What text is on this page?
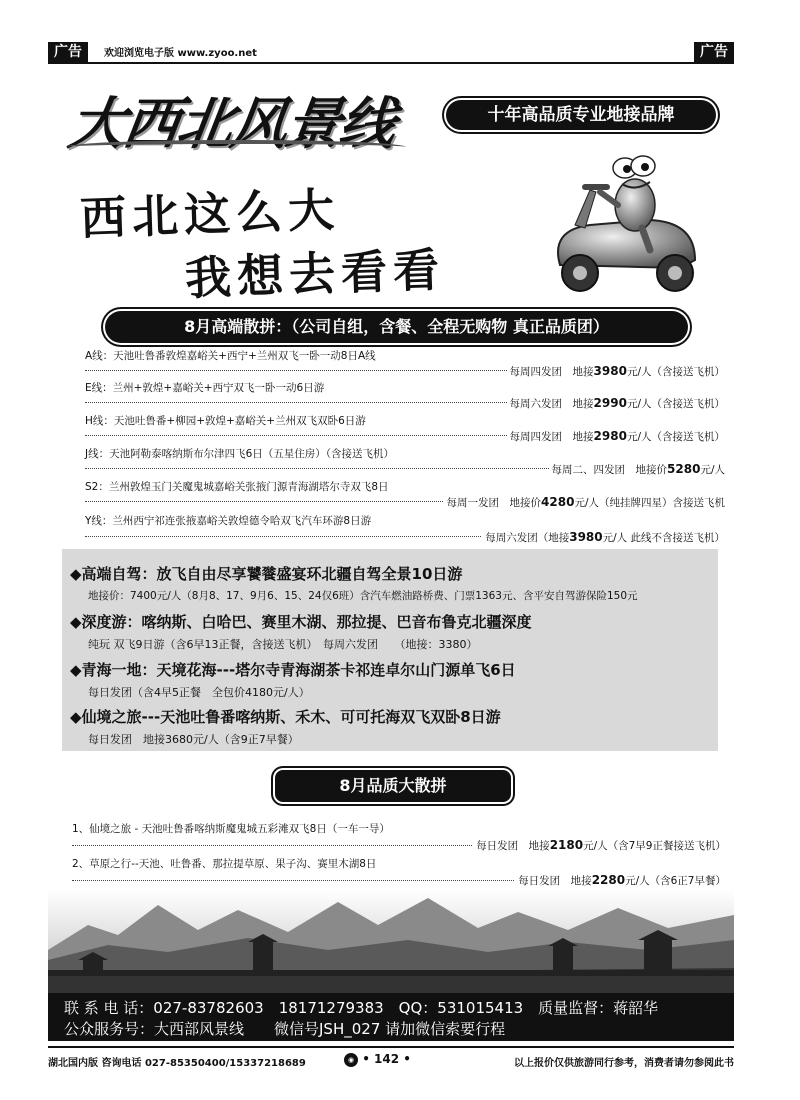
广告	欢迎浏览电子版 www.zyoo.net	广告
大西北风景线	十年高品质专业地接品牌
西北这么大
我想去看看
8月高端散拼：（公司自组，含餐、全程无购物 真正品质团）
A线：天池吐鲁番敦煌嘉峪关+西宁+兰州双飞一卧一动8日A线
每周四发团　地接3980元/人（含接送飞机）
E线：兰州+敦煌+嘉峪关+西宁双飞一卧一动6日游
每周六发团　地接2990元/人（含接送飞机）
H线：天池吐鲁番+柳园+敦煌+嘉峪关+兰州双飞双卧6日游
每周四发团　地接2980元/人（含接送飞机）
J线：天池阿勒泰喀纳斯布尔津四飞6日（五星住房）（含接送飞机）
每周二、四发团　地接价5280元/人
S2：兰州敦煌玉门关魔鬼城嘉峪关张掖门源青海湖塔尔寺双飞8日
每周一发团　地接价4280元/人（纯挂牌四星）含接送飞机
Y线：兰州西宁祁连张掖嘉峪关敦煌德令哈双飞汽车环游8日游
每周六发团（地接3980元/人 此线不含接送飞机）
◆高端自驾：放飞自由尽享饕餮盛宴环北疆自驾全景10日游
地接价：7400元/人（8月8、17、9月6、15、24仅6班）含汽车燃油路桥费、门票1363元、含平安自驾游保险150元
◆深度游：喀纳斯、白哈巴、赛里木湖、那拉提、巴音布鲁克北疆深度
纯玩 双飞9日游（含6早13正餐，含接送飞机）　每周六发团　　（地接：3380）
◆青海一地：天境花海---塔尔寺青海湖茶卡祁连卓尔山门源单飞6日
每日发团（含4早5正餐　全包价4180元/人）
◆仙境之旅---天池吐鲁番喀纳斯、禾木、可可托海双飞双卧8日游
每日发团　地接3680元/人（含9正7早餐）
8月品质大散拼
1、仙境之旅 - 天池吐鲁番喀纳斯魔鬼城五彩滩双飞8日（一车一导）
每日发团　地接2180元/人（含7早9正餐接送飞机）
2、草原之行--天池、吐鲁番、那拉提草原、果子沟、赛里木湖8日
每日发团　地接2280元/人（含6正7早餐）
联 系 电 话：027-83782603　18171279383　QQ：531015413　质量监督：蒋韶华
公众服务号：大西部风景线　　微信号JSH_027 请加微信索要行程
湖北国内版 咨询电话 027-85350400/15337218689	◉ • 142 •	以上报价仅供旅游同行参考，消费者请勿参阅此书
